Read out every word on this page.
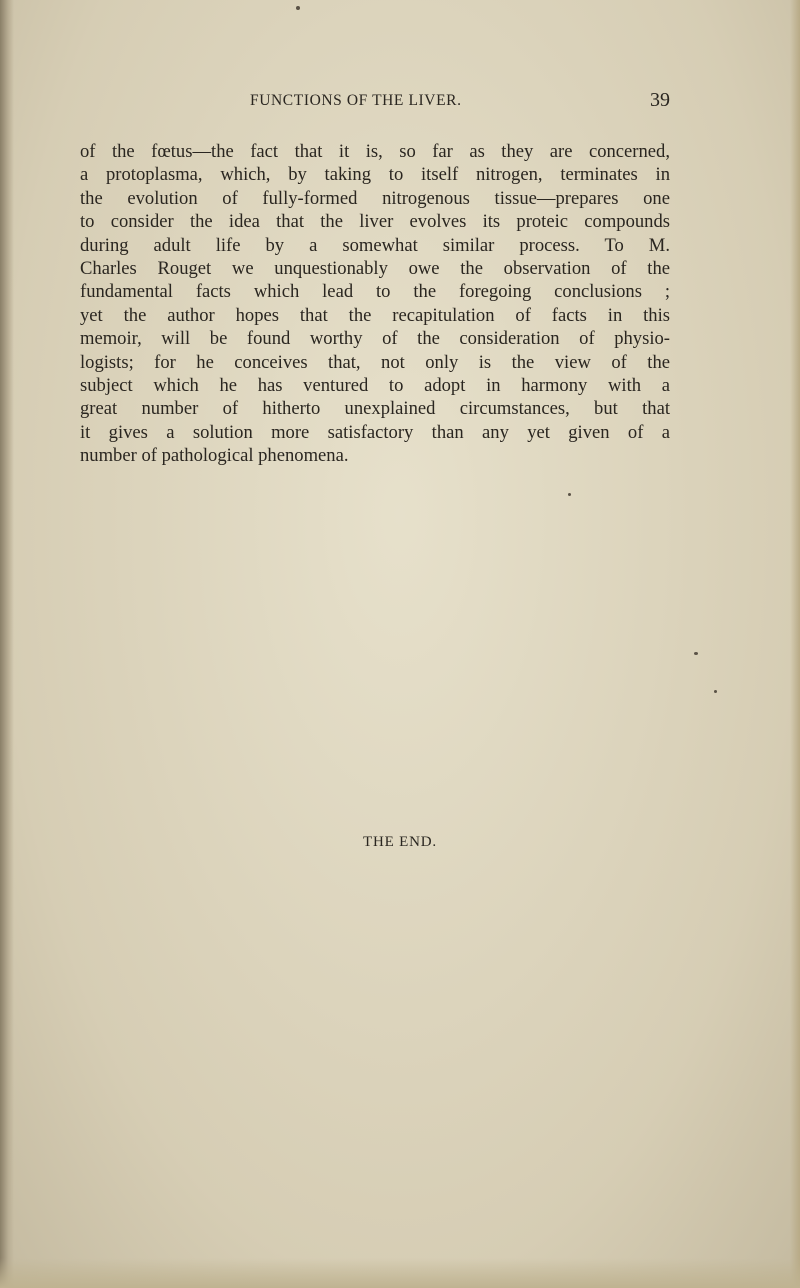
FUNCTIONS OF THE LIVER.	39
of the fœtus—the fact that it is, so far as they are concerned,
a protoplasma, which, by taking to itself nitrogen, terminates in
the evolution of fully-formed nitrogenous tissue—prepares one
to consider the idea that the liver evolves its proteic compounds
during adult life by a somewhat similar process. To M.
Charles Rouget we unquestionably owe the observation of the
fundamental facts which lead to the foregoing conclusions ;
yet the author hopes that the recapitulation of facts in this
memoir, will be found worthy of the consideration of physio-
logists; for he conceives that, not only is the view of the
subject which he has ventured to adopt in harmony with a
great number of hitherto unexplained circumstances, but that
it gives a solution more satisfactory than any yet given of a
number of pathological phenomena.
THE END.
